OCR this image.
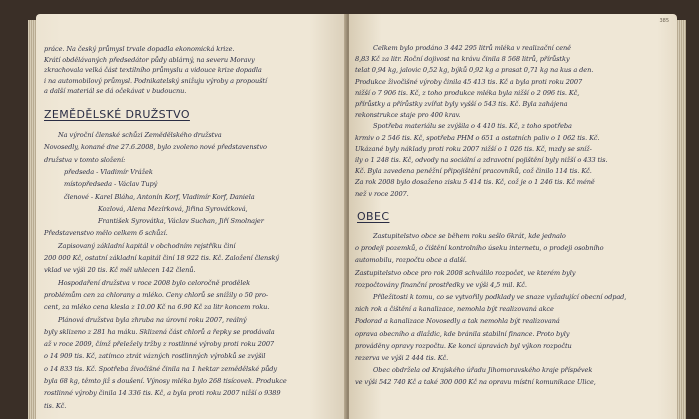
práce. Na český průmysl trvale dopadla ekonomická krize.
Krátí obdělávaných předsedátor půdy ablárný, na severu Moravy
zkrachovala velká část textilního průmyslu a vidouce krize dopadla
i na automobilový průmysl. Podnikatelský snižuju výroby a propouští
a další materiál se dá očekávat v budoucnu.
ZEMĚDĚLSKÉ DRUŽSTVO
Na výroční členské schůzi Zemědělského družstva
Novosedly, konané dne 27.6.2008, bylo zvoleno nové představenstvo
družstva v tomto složení:
předseda - Vladimír Vrážek
místopředseda - Václav Tupý
členové - Karel Bláha, Antonín Korf, Vladimír Korf, Daniela
Kozlová, Alena Mezírková, Jiřina Syrovátková,
František Syrovátka, Václav Suchan, Jiří Smolnajer
Představenstvo mělo celkem 6 schůzí.
Zapisovaný základní kapitál v obchodním rejstříku činí
200 000 Kč, ostatní základní kapitál činí 18 922 tis. Kč. Založení členský
vklad ve výši 20 tis. Kč měl uhlecen 142 členů.
Hospodaření družstva v roce 2008 bylo celoročně prodělek
problémům cen za chlorany a mléko. Ceny chlorů se snížily o 50 pro-
cent, za mléko cena klesla z 10.00 Kč na 6.90 Kč za litr koncem roku.
Plánová družstva byla zhruba na úrovni roku 2007, reálný
byly sklizeno z 281 ha máku. Sklizená část chlorů a řepky se prodávala
až v roce 2009, čímž přeležely tržby z rostlinné výroby proti roku 2007
o 14 909 tis. Kč, zatímco ztrát vázných rostlinných výrobků se zvýšil
o 14 833 tis. Kč. Spotřeba živočišné činila na 1 hektar zemědělské půdy
byla 68 kg, těmto již s doušení. Výnosy mléka bylo 268 tisícovek. Produkce
rostlinné výroby činila 14 336 tis. Kč, a byla proti roku 2007 nižší o 9389
tis. Kč.
385
Celkem bylo prodáno 3 442 295 litrů mléka v realizační ceně
8,83 Kč za litr. Roční dojivost na krávu činila 8 568 litrů, přírůstky
telat 0,94 kg, jalovic 0,52 kg, býků 0,92 kg a prasat 0,71 kg na kus a den.
Produkce živočišné výroby činila 45 413 tis. Kč a byla proti roku 2007
nižší o 7 906 tis. Kč, z toho produkce mléka byla nižší o 2 096 tis. Kč,
přírůstky a přírůstky zvířat byly vyšší o 543 tis. Kč. Byla zahájena
rekonstrukce staje pro 400 krav.
Spotřeba materiálu se zvýšila o 4 410 tis. Kč, z toho spotřeba
krmiv o 2 546 tis. Kč, spotřeba PHM o 651 a ostatních paliv o 1 062 tis. Kč.
Ukázané byly náklady proti roku 2007 nižší o 1 026 tis. Kč, mzdy se sníž-
ily o 1 248 tis. Kč, odvody na sociální a zdravotní pojištění byly nižší o 433 tis.
Kč. Byla zavedena peněžní připojištění pracovníků, což činilo 114 tis. Kč.
Za rok 2008 bylo dosaženo zisku 5 414 tis. Kč, což je o 1 246 tis. Kč méně
než v roce 2007.
OBEC
Zastupitelstvo obce se během roku sešlo 6krát, kde jednalo
o prodeji pozemků, o čištění kontrolního úseku internetu, o prodeji osobního
automobilu, rozpočtu obce a další.
Zastupitelstvo obce pro rok 2008 schválilo rozpočet, ve kterém byly
rozpočtovány finanční prostředky ve výši 4,5 mil. Kč.
Příležitosti k tomu, co se vytvořily podklady ve snaze vyžadující obecní odpad,
nich rok a čištění a kanalizace, nemohla být realizovaná akce
Podorad a kanalizace Novosedly a tak nemohla být realizovaná
oprava obecního a dlaždic, kde bránila stabilní finance. Proto byly
prováděny opravy rozpočtu. Ke konci úpravách byl výkon rozpočtu
rezerva ve výši 2 444 tis. Kč.
Obec obdržela od Krajského úřadu Jihomoravského kraje příspěvek
ve výši 542 740 Kč a také 300 000 Kč na opravu místní komunikace Ulice,
